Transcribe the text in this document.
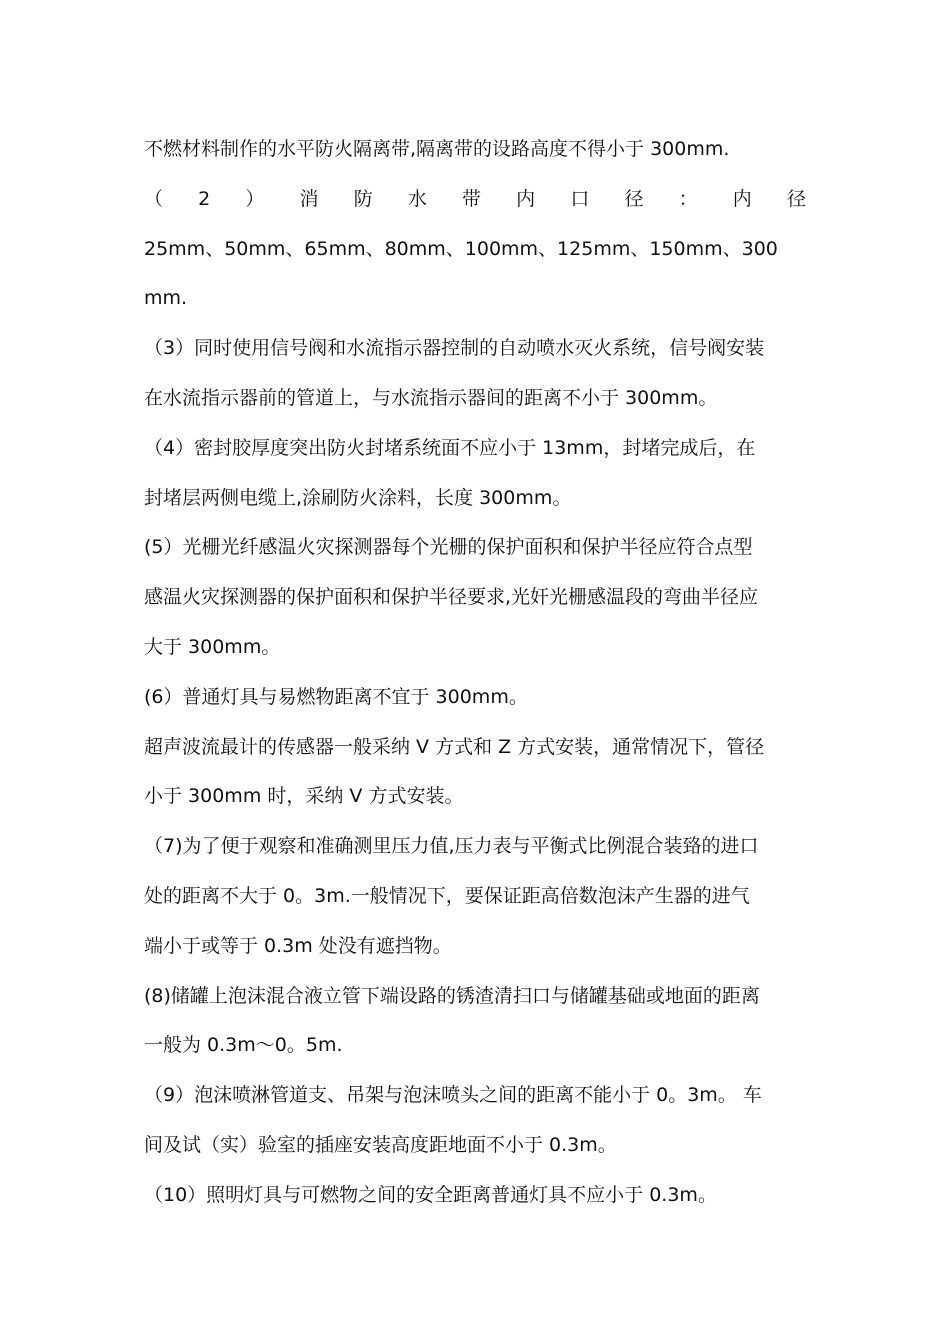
不燃材料制作的水平防火隔离带,隔离带的设路高度不得小于 300mm.
（ 2 ） 消 防 水 带 内 口 径 ： 内 径
25mm、50mm、65mm、80mm、100mm、125mm、150mm、300
mm.
（3）同时使用信号阀和水流指示器控制的自动喷水灭火系统，信号阀安装
在水流指示器前的管道上，与水流指示器间的距离不小于 300mm。
（4）密封胶厚度突出防火封堵系统面不应小于 13mm，封堵完成后，在
封堵层两侧电缆上,涂刷防火涂料，长度 300mm。
(5）光栅光纤感温火灾探测器每个光栅的保护面积和保护半径应符合点型
感温火灾探测器的保护面积和保护半径要求,光奸光栅感温段的弯曲半径应
大于 300mm。
(6）普通灯具与易燃物距离不宜于 300mm。
超声波流最计的传感器一般采纳 V 方式和 Z 方式安装，通常情况下，管径
小于 300mm 时，采纳 V 方式安装。
（7)为了便于观察和准确测里压力值,压力表与平衡式比例混合装臵的进口
处的距离不大于 0。3m.一般情况下，要保证距高倍数泡沫产生器的进气
端小于或等于 0.3m 处没有遮挡物。
(8)储罐上泡沫混合液立管下端设路的锈渣清扫口与储罐基础或地面的距离
一般为 0.3m～0。5m.
（9）泡沫喷淋管道支、吊架与泡沫喷头之间的距离不能小于 0。3m。 车
间及试（实）验室的插座安装高度距地面不小于 0.3m。
（10）照明灯具与可燃物之间的安全距离普通灯具不应小于 0.3m。
